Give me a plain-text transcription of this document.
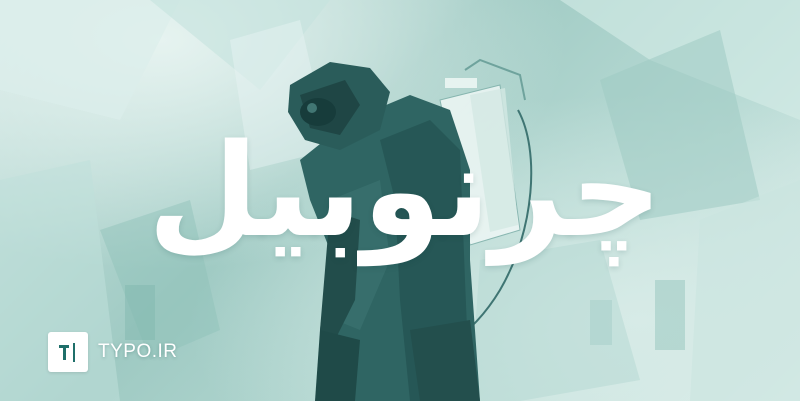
چرنوبیل
TYPO.IR
